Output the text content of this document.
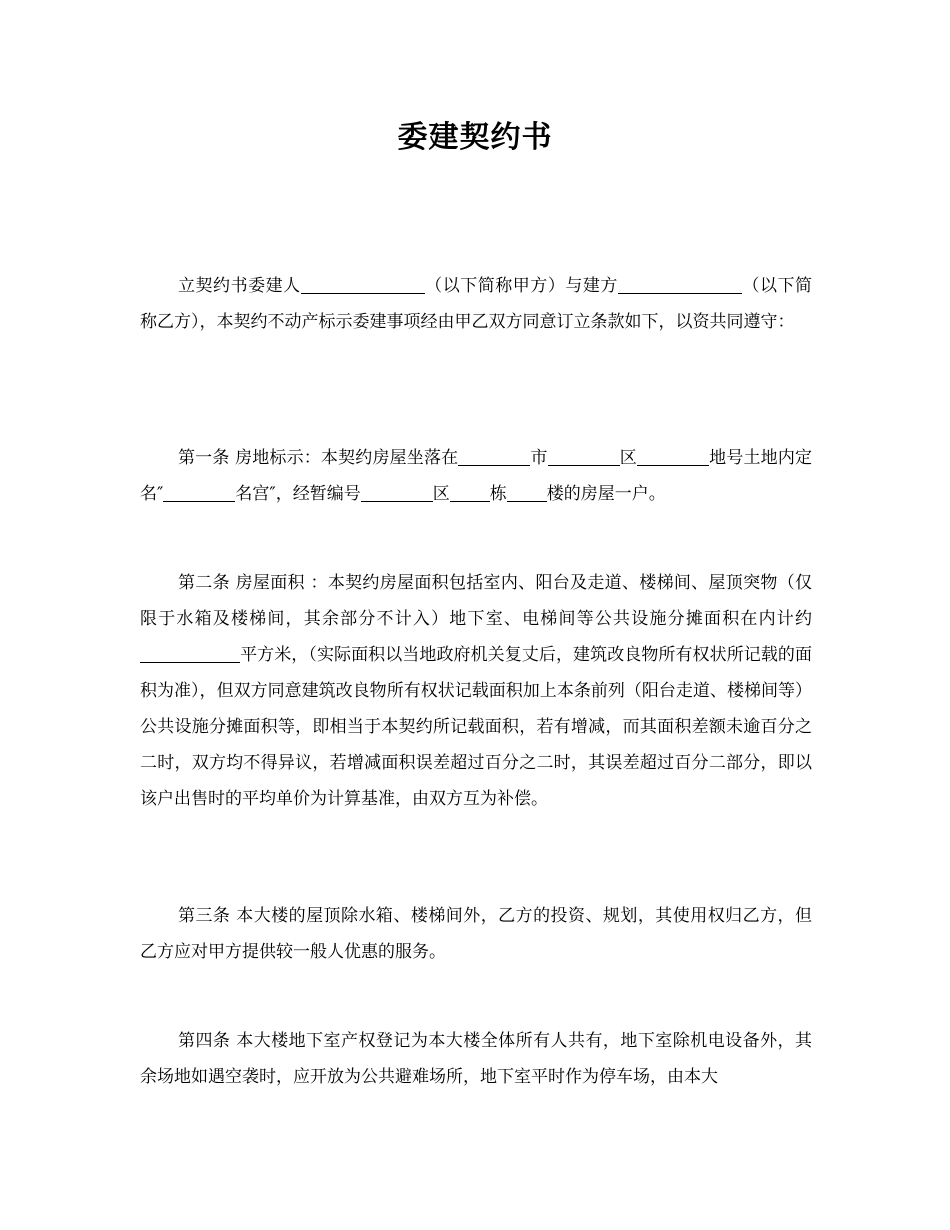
委建契约书

立契约书委建人	（以下简称甲方）与建方	（以下简称乙方），本契约不动产标示委建事项经由甲乙双方同意订立条款如下，以资共同遵守：

第一条 房地标示：本契约房屋坐落在	市	区	地号土地内定名″	名宫″，经暂编号	区 栋 楼的房屋一户。

第二条 房屋面积 ：本契约房屋面积包括室内、阳台及走道、楼梯间、屋顶突物（仅限于水箱及楼梯间，其余部分不计入）地下室、电梯间等公共设施分摊面积在内计约平方米，（实际面积以当地政府机关复丈后，建筑改良物所有权状所记载的面积为准），但双方同意建筑改良物所有权状记载面积加上本条前列（阳台走道、楼梯间等）公共设施分摊面积等，即相当于本契约所记载面积，若有增减，而其面积差额未逾百分之二时，双方均不得异议，若增减面积误差超过百分之二时，其误差超过百分二部分，即以该户出售时的平均单价为计算基准，由双方互为补偿。

第三条 本大楼的屋顶除水箱、楼梯间外，乙方的投资、规划，其使用权归乙方，但乙方应对甲方提供较一般人优惠的服务。

第四条 本大楼地下室产权登记为本大楼全体所有人共有，地下室除机电设备外，其余场地如遇空袭时，应开放为公共避难场所，地下室平时作为停车场，由本大
